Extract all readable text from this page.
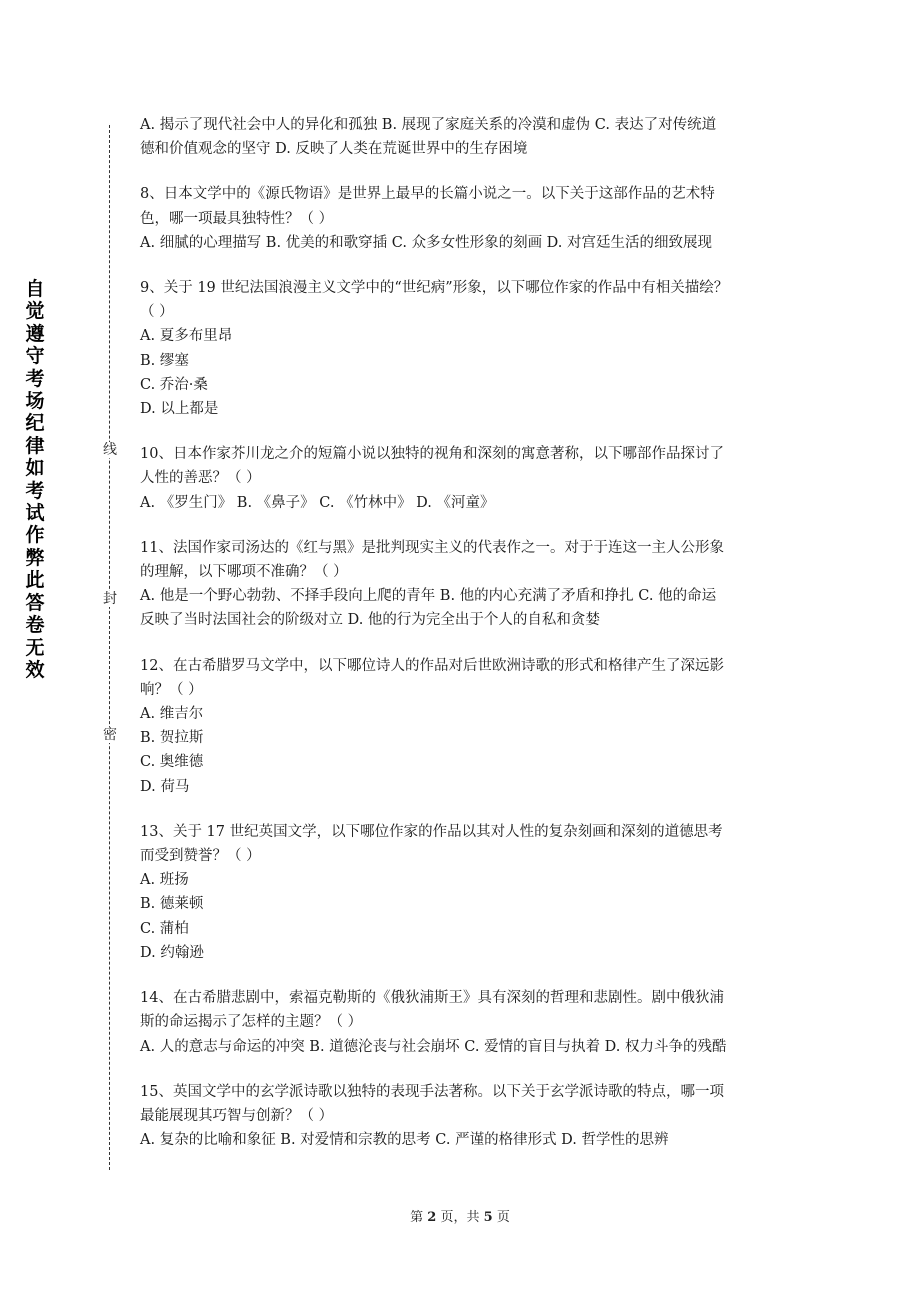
自
觉
遵
守
考
场
纪
律
如
考
试
作
弊
此
答
卷
无
效
线
封
密
A. 揭示了现代社会中人的异化和孤独 B. 展现了家庭关系的冷漠和虚伪 C. 表达了对传统道
德和价值观念的坚守 D. 反映了人类在荒诞世界中的生存困境
8、日本文学中的《源氏物语》是世界上最早的长篇小说之一。以下关于这部作品的艺术特
色，哪一项最具独特性？（ ）
A. 细腻的心理描写 B. 优美的和歌穿插 C. 众多女性形象的刻画 D. 对宫廷生活的细致展现
9、关于 19 世纪法国浪漫主义文学中的“世纪病”形象，以下哪位作家的作品中有相关描绘？
（ ）
A. 夏多布里昂
B. 缪塞
C. 乔治·桑
D. 以上都是
10、日本作家芥川龙之介的短篇小说以独特的视角和深刻的寓意著称，以下哪部作品探讨了
人性的善恶？（ ）
A. 《罗生门》 B. 《鼻子》 C. 《竹林中》 D. 《河童》
11、法国作家司汤达的《红与黑》是批判现实主义的代表作之一。对于于连这一主人公形象
的理解，以下哪项不准确？（ ）
A. 他是一个野心勃勃、不择手段向上爬的青年 B. 他的内心充满了矛盾和挣扎 C. 他的命运
反映了当时法国社会的阶级对立 D. 他的行为完全出于个人的自私和贪婪
12、在古希腊罗马文学中，以下哪位诗人的作品对后世欧洲诗歌的形式和格律产生了深远影
响？（ ）
A. 维吉尔
B. 贺拉斯
C. 奥维德
D. 荷马
13、关于 17 世纪英国文学，以下哪位作家的作品以其对人性的复杂刻画和深刻的道德思考
而受到赞誉？（ ）
A. 班扬
B. 德莱顿
C. 蒲柏
D. 约翰逊
14、在古希腊悲剧中，索福克勒斯的《俄狄浦斯王》具有深刻的哲理和悲剧性。剧中俄狄浦
斯的命运揭示了怎样的主题？（ ）
A. 人的意志与命运的冲突 B. 道德沦丧与社会崩坏 C. 爱情的盲目与执着 D. 权力斗争的残酷
15、英国文学中的玄学派诗歌以独特的表现手法著称。以下关于玄学派诗歌的特点，哪一项
最能展现其巧智与创新？（ ）
A. 复杂的比喻和象征 B. 对爱情和宗教的思考 C. 严谨的格律形式 D. 哲学性的思辨
第 2 页，共 5 页
